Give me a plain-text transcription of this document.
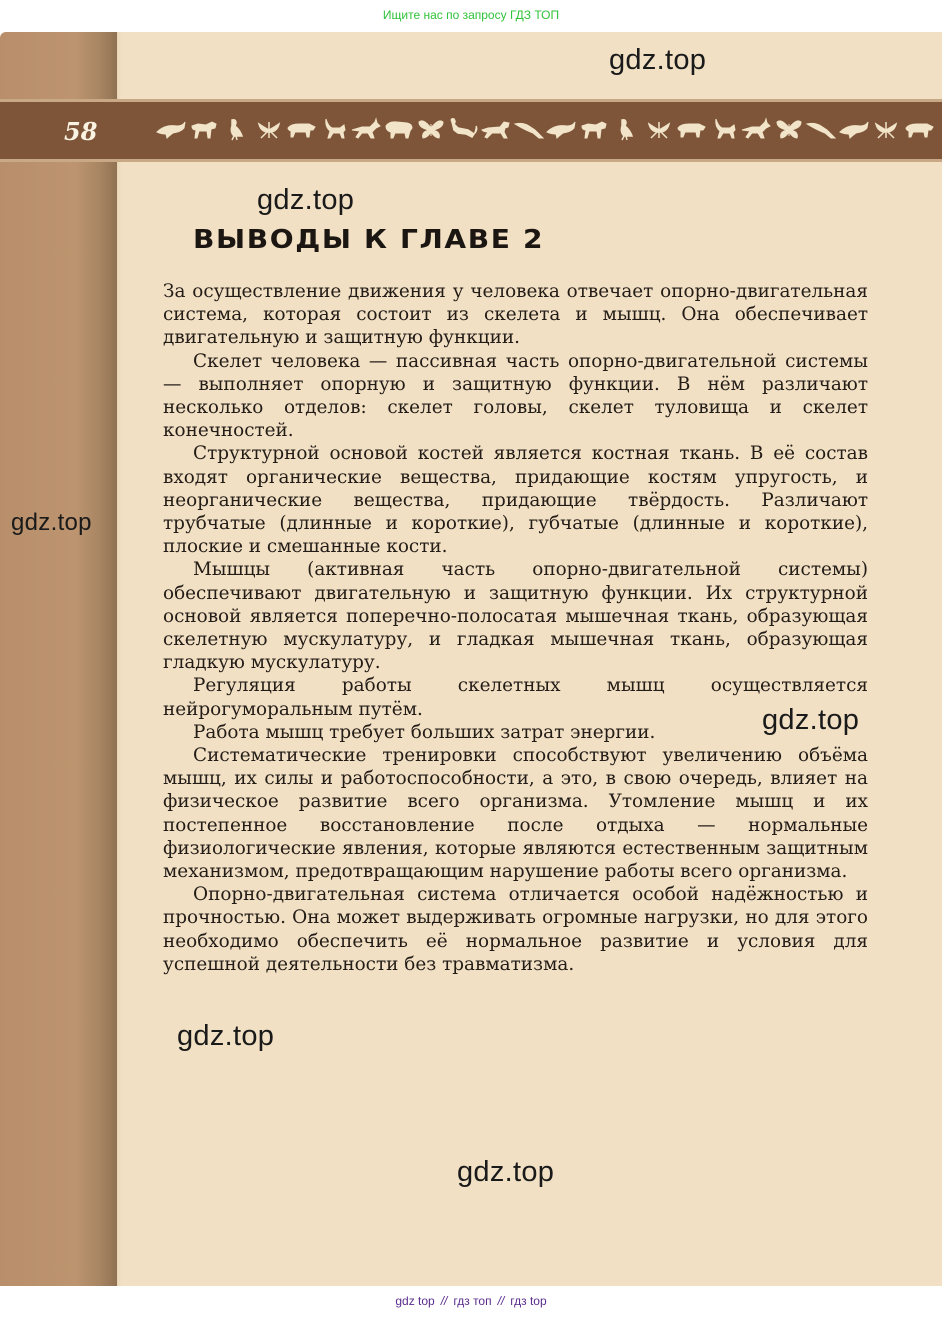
Ищите нас по запросу ГДЗ ТОП
58
gdz.top
gdz.top
gdz.top
gdz.top
gdz.top
gdz.top
ВЫВОДЫ К ГЛАВЕ 2

За осуществление движения у человека отвечает опорно-двигательная система, которая состоит из скелета и мышц. Она обеспечивает двигательную и защитную функции.

Скелет человека — пассивная часть опорно-двигательной системы — выполняет опорную и защитную функции. В нём различают несколько отделов: скелет головы, скелет туловища и скелет конечностей.

Структурной основой костей является костная ткань. В её состав входят органические вещества, придающие костям упругость, и неорганические вещества, придающие твёрдость. Различают трубчатые (длинные и короткие), губчатые (длинные и короткие), плоские и смешанные кости.

Мышцы (активная часть опорно-двигательной системы) обеспечивают двигательную и защитную функции. Их структурной основой является поперечно-полосатая мышечная ткань, образующая скелетную мускулатуру, и гладкая мышечная ткань, образующая гладкую мускулатуру.

Регуляция работы скелетных мышц осуществляется нейрогуморальным путём.

Работа мышц требует больших затрат энергии.

Систематические тренировки способствуют увеличению объёма мышц, их силы и работоспособности, а это, в свою очередь, влияет на физическое развитие всего организма. Утомление мышц и их постепенное восстановление после отдыха — нормальные физиологические явления, которые являются естественным защитным механизмом, предотвращающим нарушение работы всего организма.

Опорно-двигательная система отличается особой надёжностью и прочностью. Она может выдерживать огромные нагрузки, но для этого необходимо обеспечить её нормальное развитие и условия для успешной деятельности без травматизма.

gdz top // гдз топ // гдз top
